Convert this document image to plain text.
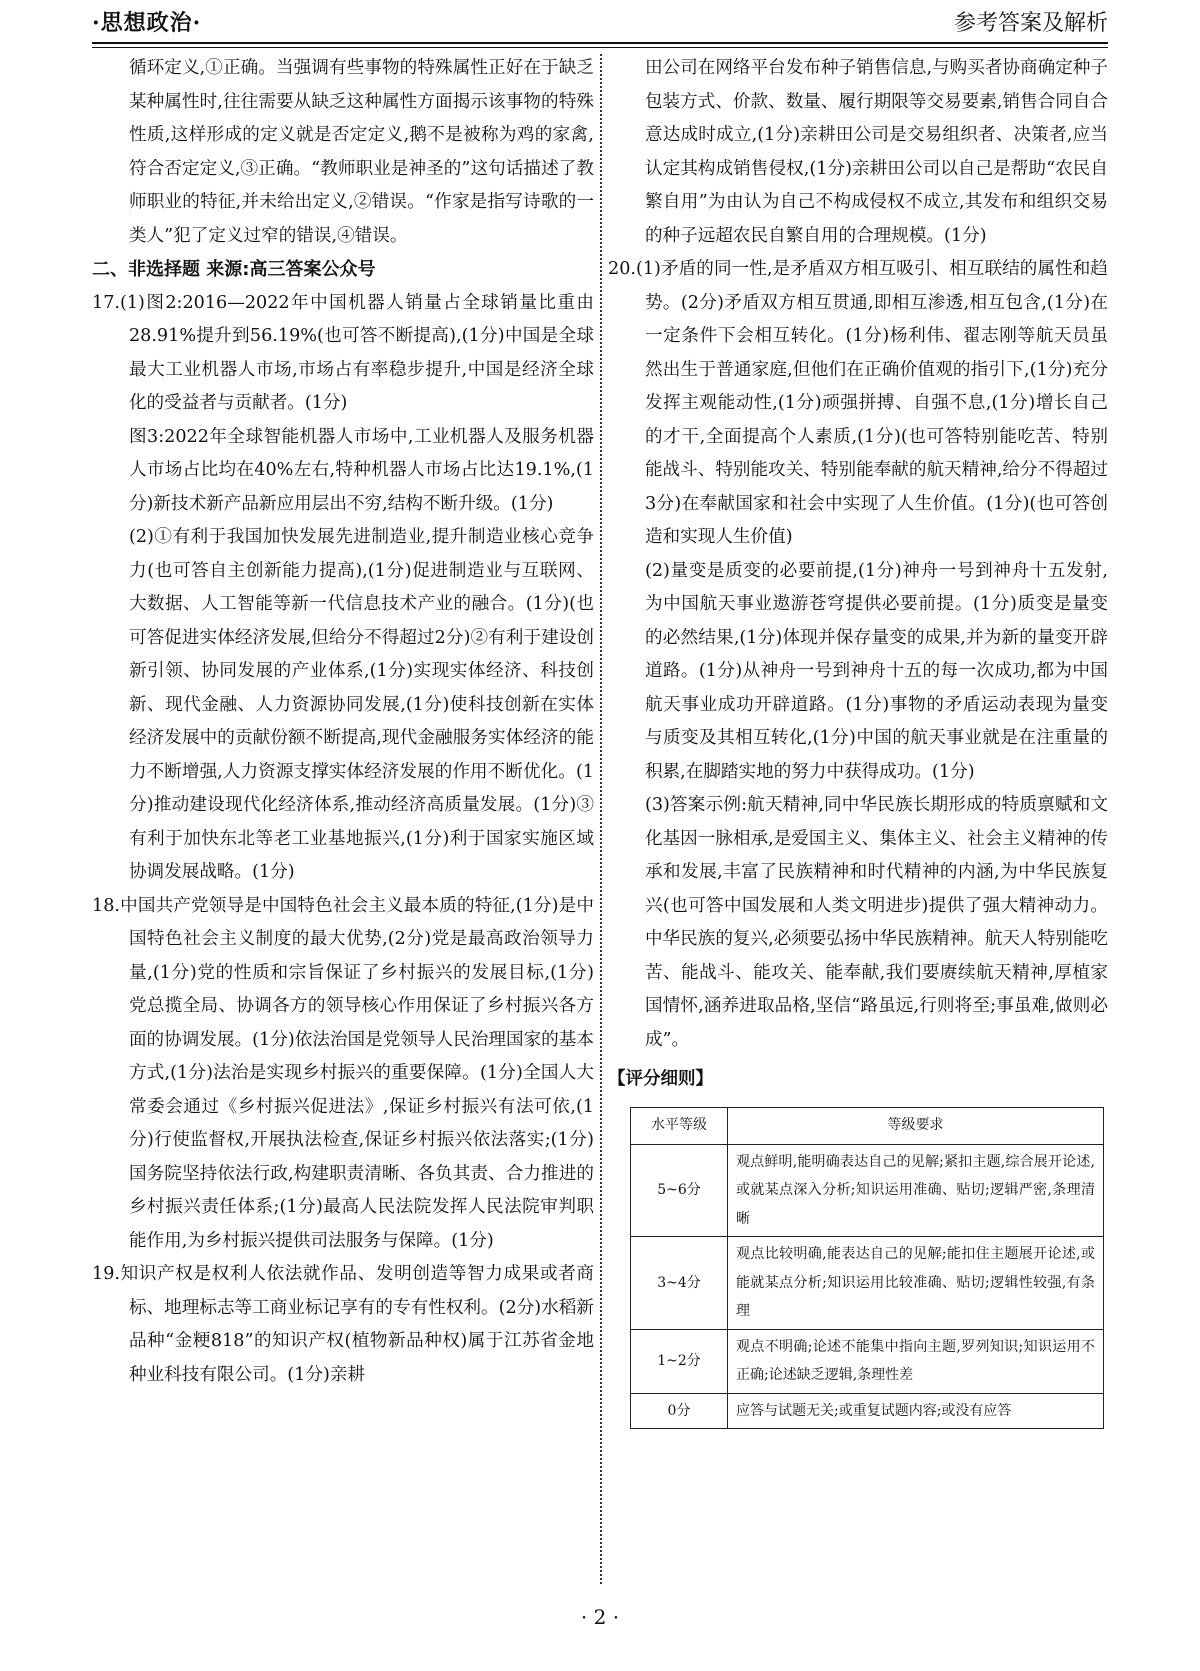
·思想政治·	参考答案及解析

循环定义,①正确。当强调有些事物的特殊属性正好在于缺乏某种属性时,往往需要从缺乏这种属性方面揭示该事物的特殊性质,这样形成的定义就是否定定义,鹅不是被称为鸡的家禽,符合否定定义,③正确。“教师职业是神圣的”这句话描述了教师职业的特征,并未给出定义,②错误。“作家是指写诗歌的一类人”犯了定义过窄的错误,④错误。

二、非选择题 来源:高三答案公众号

17.(1)图2:2016—2022年中国机器人销量占全球销量比重由28.91%提升到56.19%(也可答不断提高),(1分)中国是全球最大工业机器人市场,市场占有率稳步提升,中国是经济全球化的受益者与贡献者。(1分)

图3:2022年全球智能机器人市场中,工业机器人及服务机器人市场占比均在40%左右,特种机器人市场占比达19.1%,(1分)新技术新产品新应用层出不穷,结构不断升级。(1分)

(2)①有利于我国加快发展先进制造业,提升制造业核心竞争力(也可答自主创新能力提高),(1分)促进制造业与互联网、大数据、人工智能等新一代信息技术产业的融合。(1分)(也可答促进实体经济发展,但给分不得超过2分)②有利于建设创新引领、协同发展的产业体系,(1分)实现实体经济、科技创新、现代金融、人力资源协同发展,(1分)使科技创新在实体经济发展中的贡献份额不断提高,现代金融服务实体经济的能力不断增强,人力资源支撑实体经济发展的作用不断优化。(1分)推动建设现代化经济体系,推动经济高质量发展。(1分)③有利于加快东北等老工业基地振兴,(1分)利于国家实施区域协调发展战略。(1分)

18.中国共产党领导是中国特色社会主义最本质的特征,(1分)是中国特色社会主义制度的最大优势,(2分)党是最高政治领导力量,(1分)党的性质和宗旨保证了乡村振兴的发展目标,(1分)党总揽全局、协调各方的领导核心作用保证了乡村振兴各方面的协调发展。(1分)依法治国是党领导人民治理国家的基本方式,(1分)法治是实现乡村振兴的重要保障。(1分)全国人大常委会通过《乡村振兴促进法》,保证乡村振兴有法可依,(1分)行使监督权,开展执法检查,保证乡村振兴依法落实;(1分)国务院坚持依法行政,构建职责清晰、各负其责、合力推进的乡村振兴责任体系;(1分)最高人民法院发挥人民法院审判职能作用,为乡村振兴提供司法服务与保障。(1分)

19.知识产权是权利人依法就作品、发明创造等智力成果或者商标、地理标志等工商业标记享有的专有性权利。(2分)水稻新品种“金粳818”的知识产权(植物新品种权)属于江苏省金地种业科技有限公司。(1分)亲耕

田公司在网络平台发布种子销售信息,与购买者协商确定种子包装方式、价款、数量、履行期限等交易要素,销售合同自合意达成时成立,(1分)亲耕田公司是交易组织者、决策者,应当认定其构成销售侵权,(1分)亲耕田公司以自己是帮助“农民自繁自用”为由认为自己不构成侵权不成立,其发布和组织交易的种子远超农民自繁自用的合理规模。(1分)

20.(1)矛盾的同一性,是矛盾双方相互吸引、相互联结的属性和趋势。(2分)矛盾双方相互贯通,即相互渗透,相互包含,(1分)在一定条件下会相互转化。(1分)杨利伟、翟志刚等航天员虽然出生于普通家庭,但他们在正确价值观的指引下,(1分)充分发挥主观能动性,(1分)顽强拼搏、自强不息,(1分)增长自己的才干,全面提高个人素质,(1分)(也可答特别能吃苦、特别能战斗、特别能攻关、特别能奉献的航天精神,给分不得超过3分)在奉献国家和社会中实现了人生价值。(1分)(也可答创造和实现人生价值)

(2)量变是质变的必要前提,(1分)神舟一号到神舟十五发射,为中国航天事业遨游苍穹提供必要前提。(1分)质变是量变的必然结果,(1分)体现并保存量变的成果,并为新的量变开辟道路。(1分)从神舟一号到神舟十五的每一次成功,都为中国航天事业成功开辟道路。(1分)事物的矛盾运动表现为量变与质变及其相互转化,(1分)中国的航天事业就是在注重量的积累,在脚踏实地的努力中获得成功。(1分)

(3)答案示例:航天精神,同中华民族长期形成的特质禀赋和文化基因一脉相承,是爱国主义、集体主义、社会主义精神的传承和发展,丰富了民族精神和时代精神的内涵,为中华民族复兴(也可答中国发展和人类文明进步)提供了强大精神动力。中华民族的复兴,必须要弘扬中华民族精神。航天人特别能吃苦、能战斗、能攻关、能奉献,我们要赓续航天精神,厚植家国情怀,涵养进取品格,坚信“路虽远,行则将至;事虽难,做则必成”。

【评分细则】

水平等级	等级要求
5~6分	观点鲜明,能明确表达自己的见解;紧扣主题,综合展开论述,或就某点深入分析;知识运用准确、贴切;逻辑严密,条理清晰
3~4分	观点比较明确,能表达自己的见解;能扣住主题展开论述,或能就某点分析;知识运用比较准确、贴切;逻辑性较强,有条理
1~2分	观点不明确;论述不能集中指向主题,罗列知识;知识运用不正确;论述缺乏逻辑,条理性差
0分	应答与试题无关;或重复试题内容;或没有应答
· 2 ·
